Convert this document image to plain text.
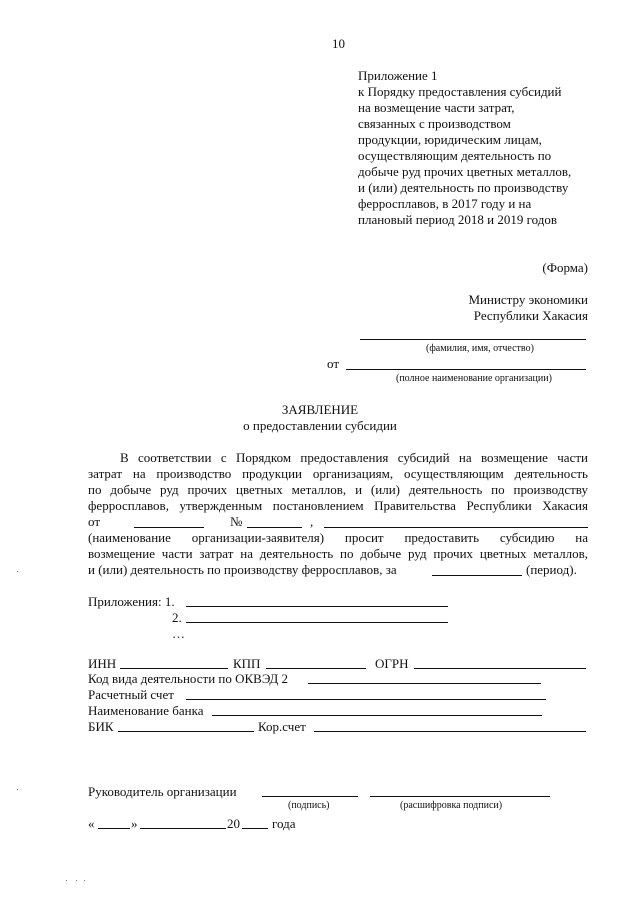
10
Приложение 1
к Порядку предоставления субсидий
на возмещение части затрат,
связанных с производством
продукции, юридическим лицам,
осуществляющим деятельность по
добыче руд прочих цветных металлов,
и (или) деятельность по производству
ферросплавов, в 2017 году и на
плановый период 2018 и 2019 годов
(Форма)
Министру экономики
Республики Хакасия
(фамилия, имя, отчество)
от
(полное наименование организации)
ЗАЯВЛЕНИЕ
о предоставлении субсидии
В соответствии с Порядком предоставления субсидий на возмещение части
затрат на производство продукции организациям, осуществляющим деятельность
по добыче руд прочих цветных металлов, и (или) деятельность по производству
ферросплавов, утвержденным постановлением Правительства Республики Хакасия
от	№	,
(наименование организации-заявителя) просит предоставить субсидию на
возмещение части затрат на деятельность по добыче руд прочих цветных металлов,
и (или) деятельность по производству ферросплавов, за	(период).
Приложения: 1.
2.
…
ИНН	КПП	ОГРН
Код вида деятельности по ОКВЭД 2
Расчетный счет
Наименование банка
БИК	Кор.счет
Руководитель организации
(подпись)	(расшифровка подписи)
«	»	20 года
